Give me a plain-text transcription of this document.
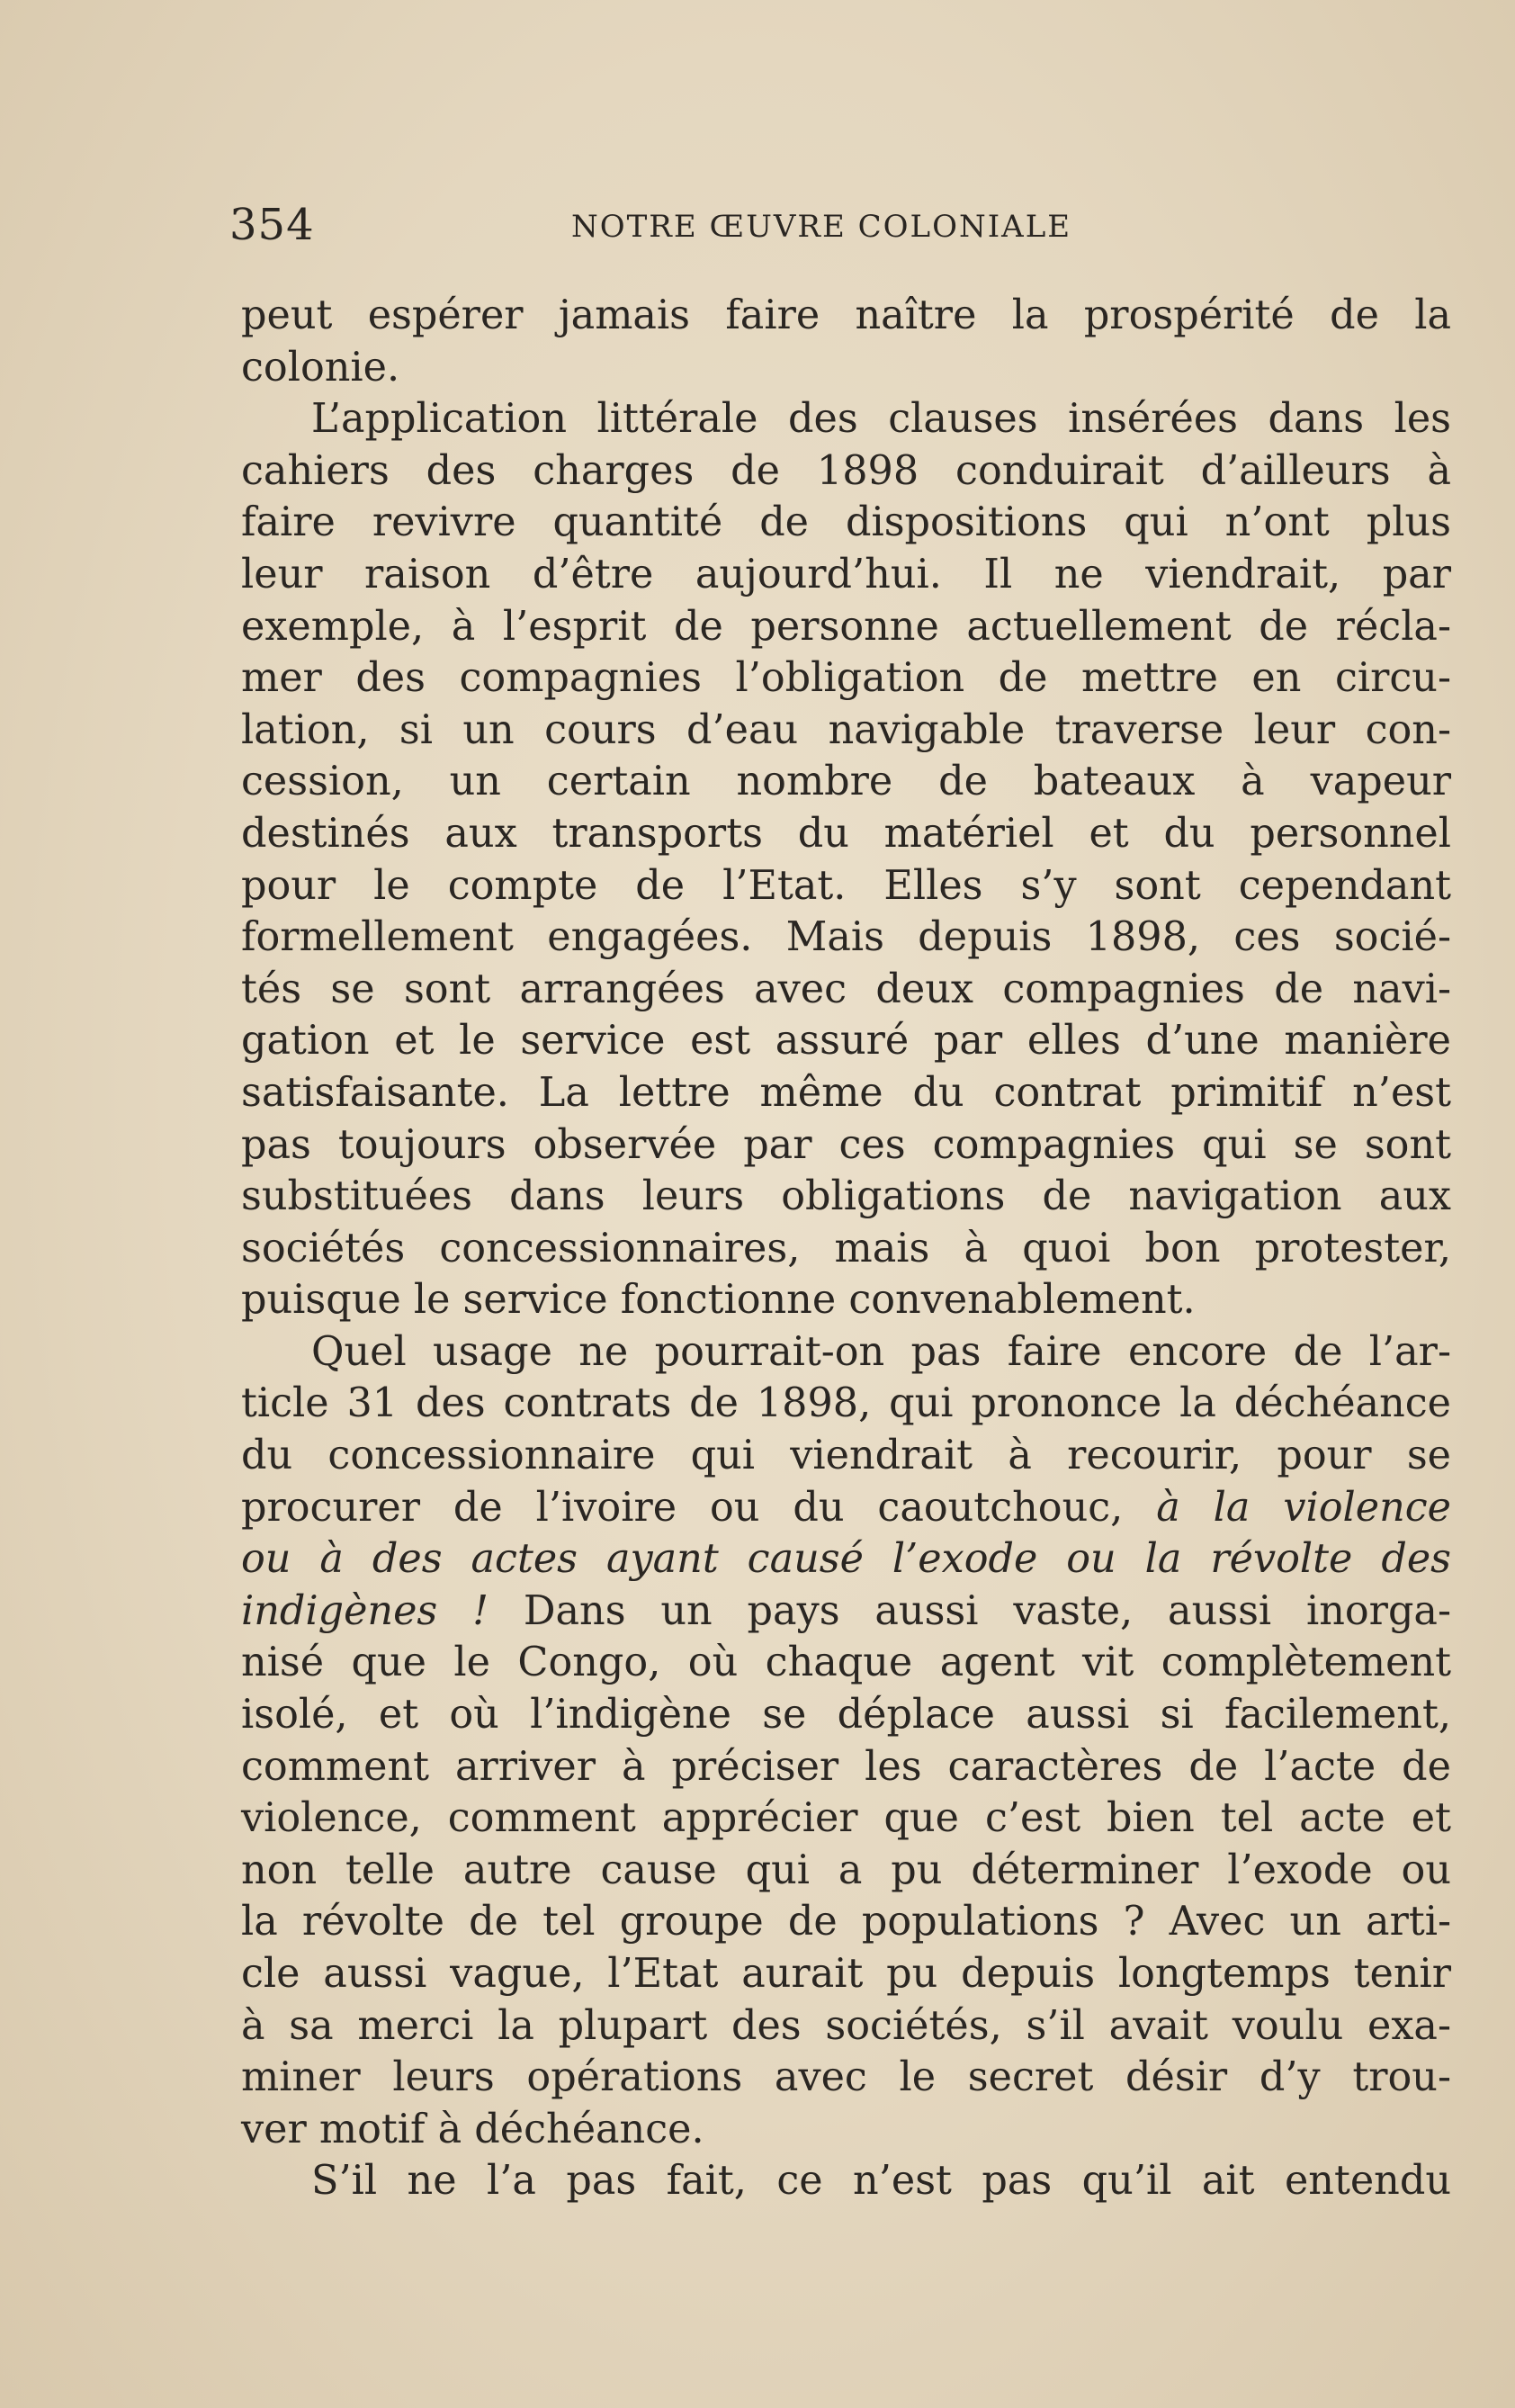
354	NOTRE ŒUVRE COLONIALE
peut espérer jamais faire naître la prospérité de la
colonie.
L’application littérale des clauses insérées dans les
cahiers des charges de 1898 conduirait d’ailleurs à
faire revivre quantité de dispositions qui n’ont plus
leur raison d’être aujourd’hui. Il ne viendrait, par
exemple, à l’esprit de personne actuellement de récla-
mer des compagnies l’obligation de mettre en circu-
lation, si un cours d’eau navigable traverse leur con-
cession, un certain nombre de bateaux à vapeur
destinés aux transports du matériel et du personnel
pour le compte de l’Etat. Elles s’y sont cependant
formellement engagées. Mais depuis 1898, ces socié-
tés se sont arrangées avec deux compagnies de navi-
gation et le service est assuré par elles d’une manière
satisfaisante. La lettre même du contrat primitif n’est
pas toujours observée par ces compagnies qui se sont
substituées dans leurs obligations de navigation aux
sociétés concessionnaires, mais à quoi bon protester,
puisque le service fonctionne convenablement.
Quel usage ne pourrait-on pas faire encore de l’ar-
ticle 31 des contrats de 1898, qui prononce la déchéance
du concessionnaire qui viendrait à recourir, pour se
procurer de l’ivoire ou du caoutchouc, à la violence
ou à des actes ayant causé l’exode ou la révolte des
indigènes ! Dans un pays aussi vaste, aussi inorga-
nisé que le Congo, où chaque agent vit complètement
isolé, et où l’indigène se déplace aussi si facilement,
comment arriver à préciser les caractères de l’acte de
violence, comment apprécier que c’est bien tel acte et
non telle autre cause qui a pu déterminer l’exode ou
la révolte de tel groupe de populations ? Avec un arti-
cle aussi vague, l’Etat aurait pu depuis longtemps tenir
à sa merci la plupart des sociétés, s’il avait voulu exa-
miner leurs opérations avec le secret désir d’y trou-
ver motif à déchéance.
S’il ne l’a pas fait, ce n’est pas qu’il ait entendu
